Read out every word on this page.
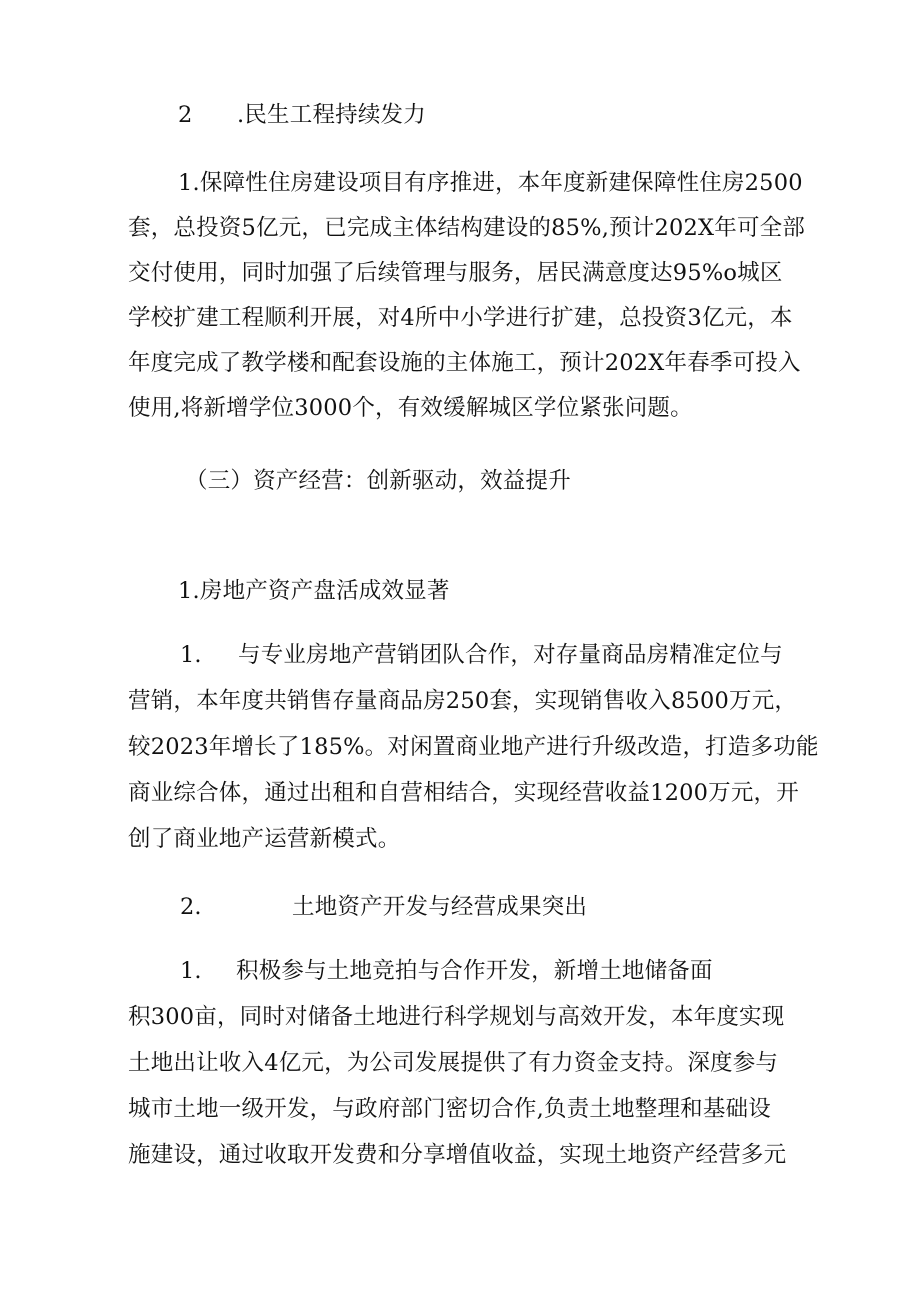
2 .民生工程持续发力
1.保障性住房建设项目有序推进，本年度新建保障性住房2500
套，总投资5亿元，已完成主体结构建设的85%,预计202X年可全部
交付使用，同时加强了后续管理与服务，居民满意度达95%o城区
学校扩建工程顺利开展，对4所中小学进行扩建，总投资3亿元，本
年度完成了教学楼和配套设施的主体施工，预计202X年春季可投入
使用,将新增学位3000个，有效缓解城区学位紧张问题。
（三）资产经营：创新驱动，效益提升
1.房地产资产盘活成效显著
1. 与专业房地产营销团队合作，对存量商品房精准定位与
营销，本年度共销售存量商品房250套，实现销售收入8500万元，
较2023年增长了185%。对闲置商业地产进行升级改造，打造多功能
商业综合体，通过出租和自营相结合，实现经营收益1200万元，开
创了商业地产运营新模式。
2.	土地资产开发与经营成果突出
1. 积极参与土地竞拍与合作开发，新增土地储备面
积300亩，同时对储备土地进行科学规划与高效开发，本年度实现
土地出让收入4亿元，为公司发展提供了有力资金支持。深度参与
城市土地一级开发，与政府部门密切合作,负责土地整理和基础设
施建设，通过收取开发费和分享增值收益，实现土地资产经营多元
